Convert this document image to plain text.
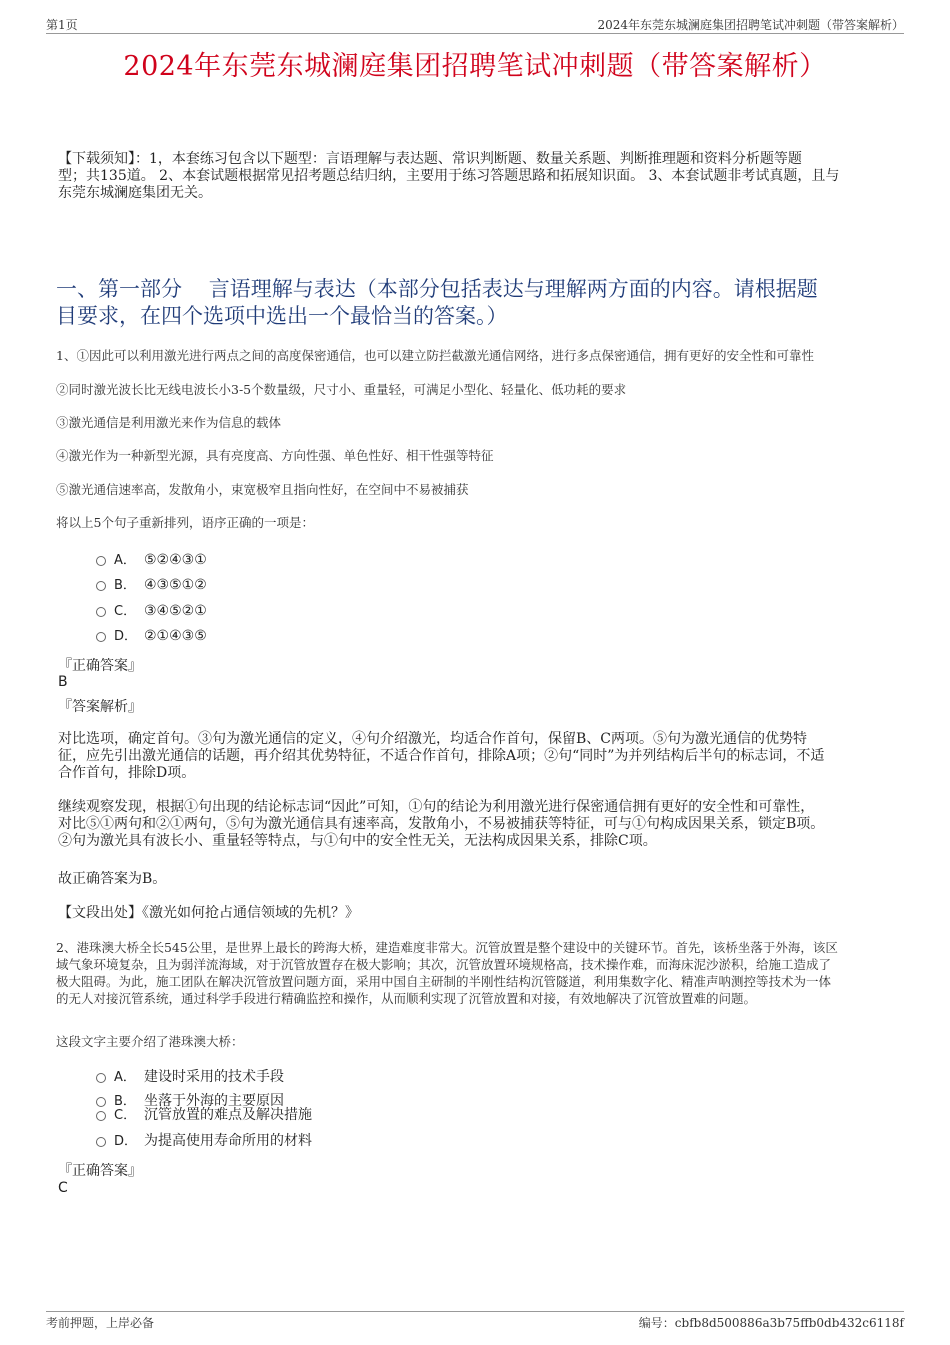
第1页	2024年东莞东城澜庭集团招聘笔试冲刺题（带答案解析）
2024年东莞东城澜庭集团招聘笔试冲刺题（带答案解析）
【下载须知】：1，本套练习包含以下题型：言语理解与表达题、常识判断题、数量关系题、判断推理题和资料分析题等题
型；共135道。 2、本套试题根据常见招考题总结归纳，主要用于练习答题思路和拓展知识面。 3、本套试题非考试真题，且与
东莞东城澜庭集团无关。
一、第一部分    言语理解与表达（本部分包括表达与理解两方面的内容。请根据题
目要求，在四个选项中选出一个最恰当的答案。）
1、①因此可以利用激光进行两点之间的高度保密通信，也可以建立防拦截激光通信网络，进行多点保密通信，拥有更好的安全性和可靠性
②同时激光波长比无线电波长小3-5个数量级，尺寸小、重量轻，可满足小型化、轻量化、低功耗的要求
③激光通信是利用激光来作为信息的载体
④激光作为一种新型光源，具有亮度高、方向性强、单色性好、相干性强等特征
⑤激光通信速率高，发散角小，束宽极窄且指向性好，在空间中不易被捕获
将以上5个句子重新排列，语序正确的一项是：
A． ⑤②④③①
B． ④③⑤①②
C． ③④⑤②①
D． ②①④③⑤
『正确答案』
B
『答案解析』
对比选项，确定首句。③句为激光通信的定义，④句介绍激光，均适合作首句，保留B、C两项。⑤句为激光通信的优势特
征，应先引出激光通信的话题，再介绍其优势特征，不适合作首句，排除A项；②句“同时”为并列结构后半句的标志词，不适
合作首句，排除D项。
继续观察发现，根据①句出现的结论标志词“因此”可知，①句的结论为利用激光进行保密通信拥有更好的安全性和可靠性，
对比⑤①两句和②①两句，⑤句为激光通信具有速率高，发散角小，不易被捕获等特征，可与①句构成因果关系，锁定B项。
②句为激光具有波长小、重量轻等特点，与①句中的安全性无关，无法构成因果关系，排除C项。
故正确答案为B。
【文段出处】《激光如何抢占通信领域的先机？》
2、港珠澳大桥全长545公里，是世界上最长的跨海大桥，建造难度非常大。沉管放置是整个建设中的关键环节。首先，该桥坐落于外海，该区
域气象环境复杂，且为弱洋流海域，对于沉管放置存在极大影响；其次，沉管放置环境规格高，技术操作难，而海床泥沙淤积，给施工造成了
极大阻碍。为此，施工团队在解决沉管放置问题方面，采用中国自主研制的半刚性结构沉管隧道，利用集数字化、精准声呐测控等技术为一体
的无人对接沉管系统，通过科学手段进行精确监控和操作，从而顺利实现了沉管放置和对接，有效地解决了沉管放置难的问题。
这段文字主要介绍了港珠澳大桥：
A． 建设时采用的技术手段
B． 坐落于外海的主要原因
C． 沉管放置的难点及解决措施
D． 为提高使用寿命所用的材料
『正确答案』
C
考前押题，上岸必备	编号：cbfb8d500886a3b75ffb0db432c6118f
